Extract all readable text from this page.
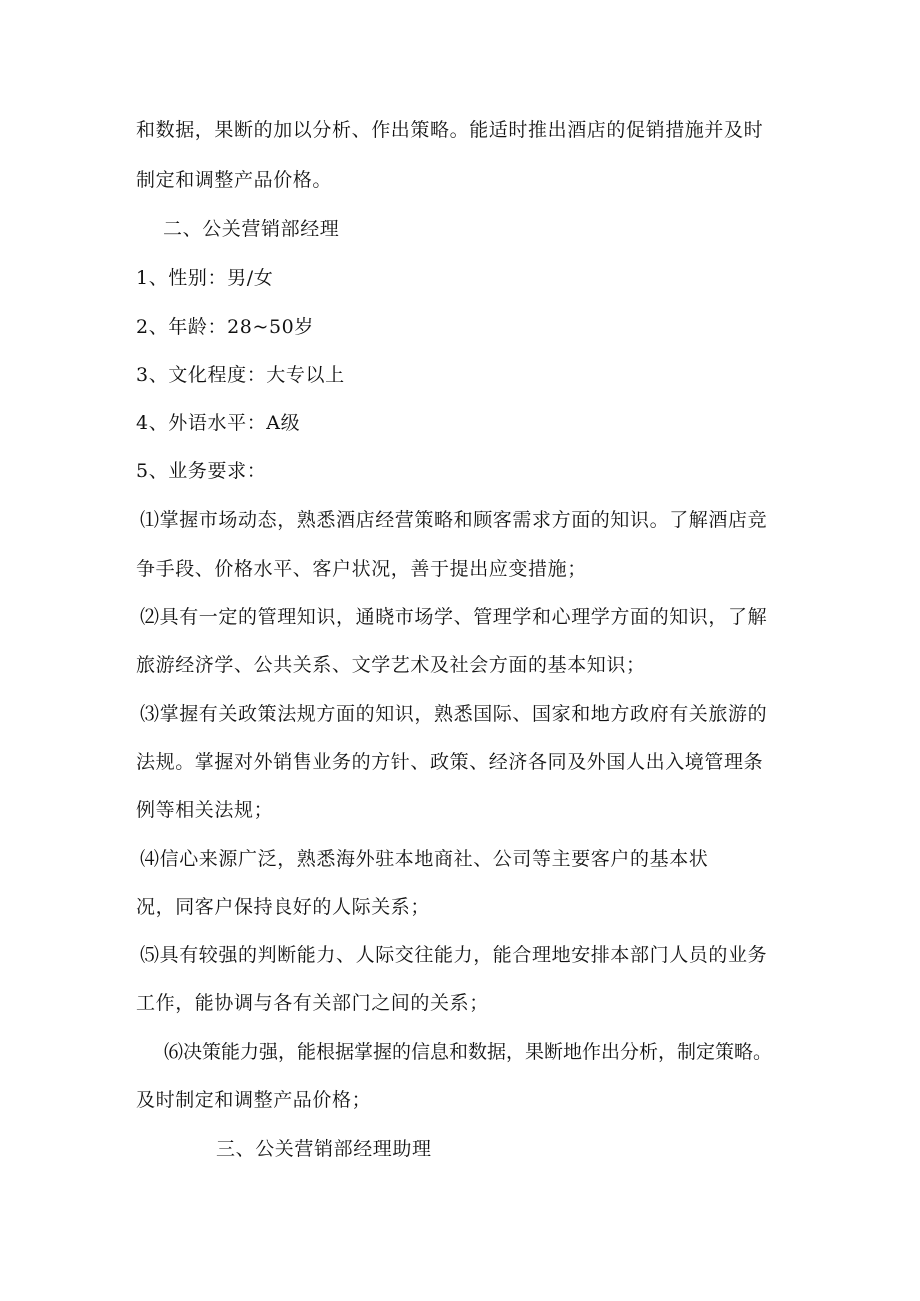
和数据，果断的加以分析、作出策略。能适时推出酒店的促销措施并及时
制定和调整产品价格。
二、公关营销部经理
1、性别：男/女
2、年龄：28~50岁
3、文化程度：大专以上
4、外语水平：A级
5、业务要求：
⑴掌握市场动态，熟悉酒店经营策略和顾客需求方面的知识。了解酒店竞
争手段、价格水平、客户状况，善于提出应变措施；
⑵具有一定的管理知识，通晓市场学、管理学和心理学方面的知识，了解
旅游经济学、公共关系、文学艺术及社会方面的基本知识；
⑶掌握有关政策法规方面的知识，熟悉国际、国家和地方政府有关旅游的
法规。掌握对外销售业务的方针、政策、经济各同及外国人出入境管理条
例等相关法规；
⑷信心来源广泛，熟悉海外驻本地商社、公司等主要客户的基本状
况，同客户保持良好的人际关系；
⑸具有较强的判断能力、人际交往能力，能合理地安排本部门人员的业务
工作，能协调与各有关部门之间的关系；
⑹决策能力强，能根据掌握的信息和数据，果断地作出分析，制定策略。
及时制定和调整产品价格；
三、公关营销部经理助理
